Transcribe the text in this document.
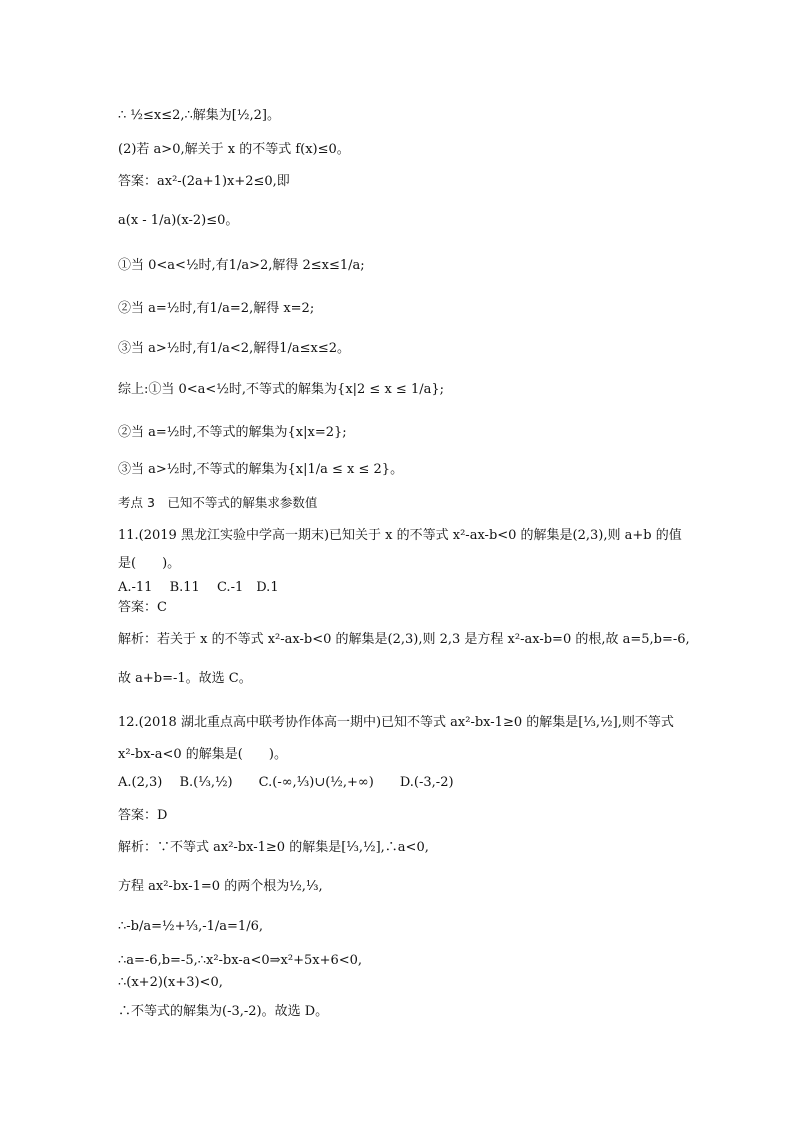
∴ ½≤x≤2,∴解集为[½,2]。
(2)若 a>0,解关于 x 的不等式 f(x)≤0。
答案：ax²-(2a+1)x+2≤0,即
a(x - 1/a)(x-2)≤0。
①当 0<a<½时,有1/a>2,解得 2≤x≤1/a;
②当 a=½时,有1/a=2,解得 x=2;
③当 a>½时,有1/a<2,解得1/a≤x≤2。
综上:①当 0<a<½时,不等式的解集为{x|2 ≤ x ≤ 1/a};
②当 a=½时,不等式的解集为{x|x=2};
③当 a>½时,不等式的解集为{x|1/a ≤ x ≤ 2}。
考点 3　已知不等式的解集求参数值
11.(2019 黑龙江实验中学高一期末)已知关于 x 的不等式 x²-ax-b<0 的解集是(2,3),则 a+b 的值
是(　　)。
A.-11　 B.11　 C.-1　D.1
答案：C
解析：若关于 x 的不等式 x²-ax-b<0 的解集是(2,3),则 2,3 是方程 x²-ax-b=0 的根,故 a=5,b=-6,
故 a+b=-1。故选 C。
12.(2018 湖北重点高中联考协作体高一期中)已知不等式 ax²-bx-1≥0 的解集是[⅓,½],则不等式
x²-bx-a<0 的解集是(　　)。
A.(2,3)　 B.(⅓,½)　　C.(-∞,⅓)∪(½,+∞)　　D.(-3,-2)
答案：D
解析：∵不等式 ax²-bx-1≥0 的解集是[⅓,½],∴a<0,
方程 ax²-bx-1=0 的两个根为½,⅓,
∴-b/a=½+⅓,-1/a=1/6,
∴a=-6,b=-5,∴x²-bx-a<0⇒x²+5x+6<0,
∴(x+2)(x+3)<0,
∴不等式的解集为(-3,-2)。故选 D。
